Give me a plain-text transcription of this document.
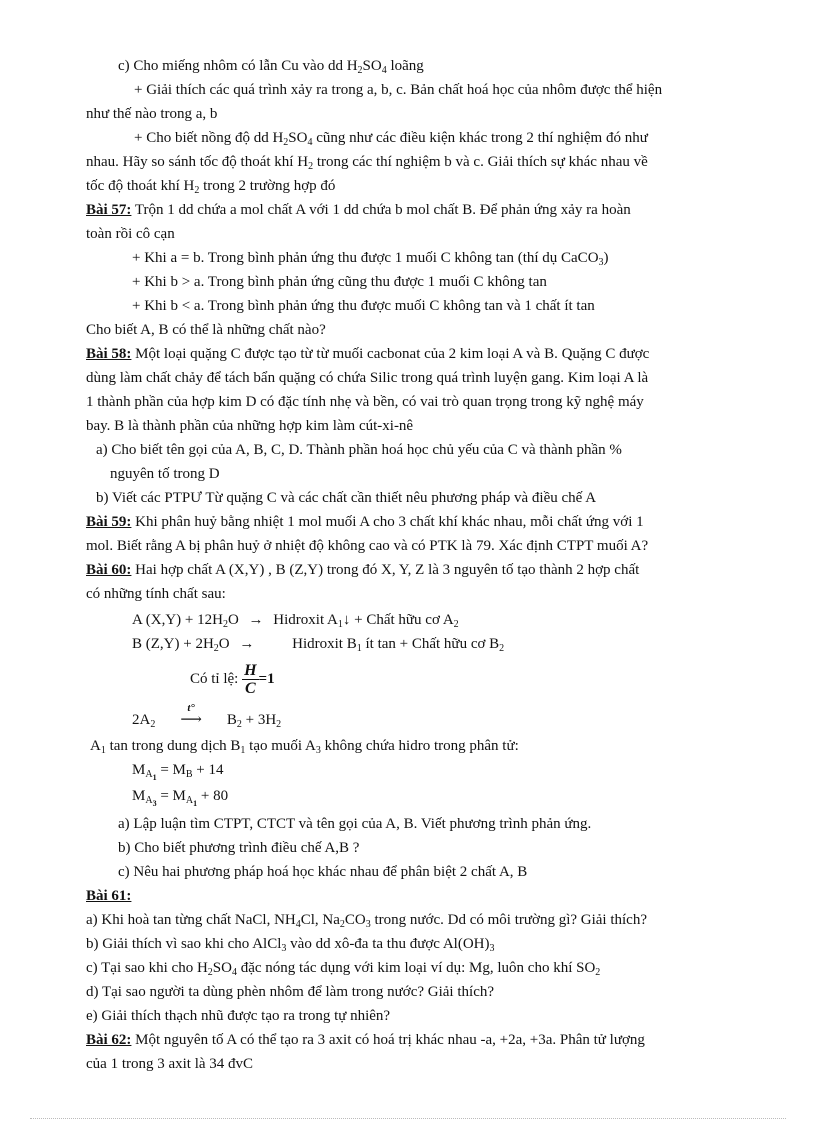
c) Cho miếng nhôm có lẫn Cu vào dd $H_2SO_4$ loãng
+ Giải thích các quá trình xảy ra trong a, b, c. Bản chất hoá học của nhôm được thể hiện
như thế nào trong a, b
+ Cho biết nồng độ dd $H_2SO_4$ cũng như các điều kiện khác trong 2 thí nghiệm đó như
nhau. Hãy so sánh tốc độ thoát khí $H_2$ trong các thí nghiệm b và c. Giải thích sự khác nhau về
tốc độ thoát khí $H_2$ trong 2 trường hợp đó
Bài 57: Trộn 1 dd chứa a mol chất A với 1 dd chứa b mol chất B. Để phản ứng xảy ra hoàn
toàn rồi cô cạn
+ Khi a = b. Trong bình phản ứng thu được 1 muối C không tan (thí dụ CaCO$_3$)
+ Khi b > a. Trong bình phản ứng cũng thu được 1 muối C không tan
+ Khi b < a. Trong bình phản ứng thu được muối C không tan và 1 chất ít tan
Cho biết A, B có thể là những chất nào?
Bài 58: Một loại quặng C được tạo từ từ muối cacbonat của 2 kim loại A và B. Quặng C được
dùng làm chất chảy để tách bẩn quặng có chứa Silic trong quá trình luyện gang. Kim loại A là
1 thành phần của hợp kim D có đặc tính nhẹ và bền, có vai trò quan trọng trong kỹ nghệ máy
bay. B là thành phần của những hợp kim làm cút-xi-nê
a) Cho biết tên gọi của A, B, C, D. Thành phần hoá học chủ yếu của C và thành phần %
nguyên tố trong D
b) Viết các PTPƯ Từ quặng C và các chất cần thiết nêu phương pháp và điều chế A
Bài 59: Khi phân huỷ bằng nhiệt 1 mol muối A cho 3 chất khí khác nhau, mỗi chất ứng với 1
mol. Biết rằng A bị phân huỷ ở nhiệt độ không cao và có PTK là 79. Xác định CTPT muối A?
Bài 60: Hai hợp chất A (X,Y) , B (Z,Y) trong đó X, Y, Z là 3 nguyên tố tạo thành 2 hợp chất
có những tính chất sau:
A $(X,Y) + 12H_2O$ → Hidroxit $A_1↓$ + Chất hữu cơ $A_2$
B $(Z,Y) + 2H_2O$ →	Hidroxit $B_1$ ít tan + Chất hữu cơ $B_2$
Có tỉ lệ: $\frac{H}{C} =1$
$2A_2$
t°
⟶ $B_2 + 3H_2$
$A_1$ tan trong dung dịch $B_1$ tạo muối $A_3$ không chứa hidro trong phân tử:
$M_{A_1} = M_B + 14$
$M_{A_3} = M_{A_1} + 80$
a) Lập luận tìm CTPT, CTCT và tên gọi của A, B. Viết phương trình phản ứng.
b) Cho biết phương trình điều chế A,B ?
c) Nêu hai phương pháp hoá học khác nhau để phân biệt 2 chất A, B
Bài 61:
a) Khi hoà tan từng chất NaCl, $NH_4Cl$, $Na_2CO_3$ trong nước. Dd có môi trường gì? Giải thích?
b) Giải thích vì sao khi cho AlCl$_3$ vào dd xô-đa ta thu được $Al(OH)_3$
c) Tại sao khi cho $H_2SO_4$ đặc nóng tác dụng với kim loại ví dụ: Mg, luôn cho khí $SO_2$
d) Tại sao người ta dùng phèn nhôm để làm trong nước? Giải thích?
e) Giải thích thạch nhũ được tạo ra trong tự nhiên?
Bài 62: Một nguyên tố A có thể tạo ra 3 axit có hoá trị khác nhau -a, +2a, +3a. Phân tử lượng
của 1 trong 3 axit là 34 đvC
